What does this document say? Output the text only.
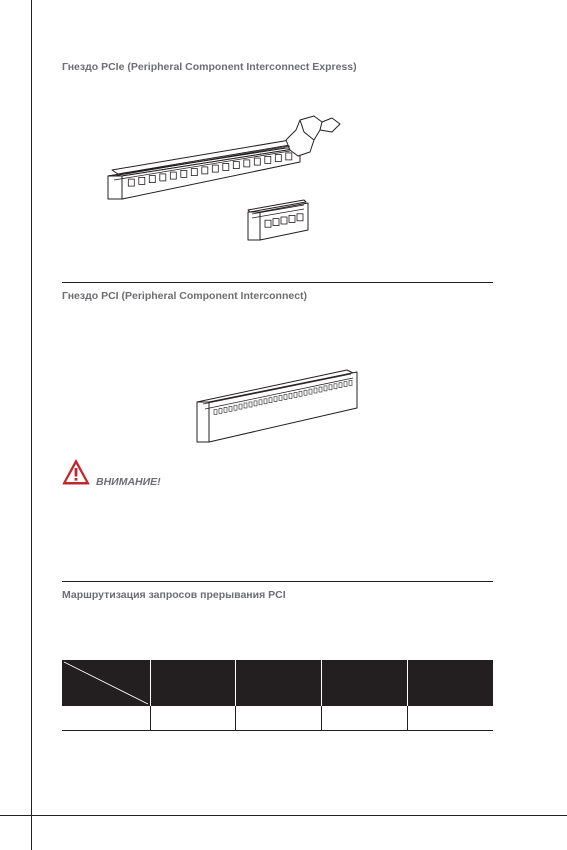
Гнездо PCIe (Peripheral Component Interconnect Express)
Гнездо PCI (Peripheral Component Interconnect)
ВНИМАНИЕ!
Маршрутизация запросов прерывания PCI
